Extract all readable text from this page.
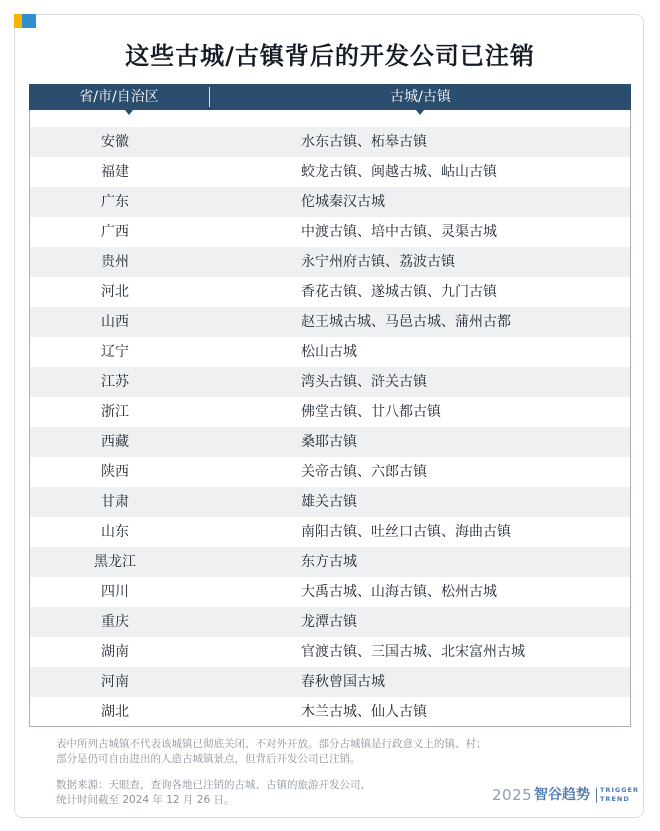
这些古城/古镇背后的开发公司已注销
省/市/自治区	古城/古镇
安徽	水东古镇、柘皋古镇
福建	蛟龙古镇、闽越古城、岵山古镇
广东	佗城秦汉古城
广西	中渡古镇、培中古镇、灵渠古城
贵州	永宁州府古镇、荔波古镇
河北	香花古镇、遂城古镇、九门古镇
山西	赵王城古城、马邑古城、蒲州古都
辽宁	松山古城
江苏	湾头古镇、浒关古镇
浙江	佛堂古镇、廿八都古镇
西藏	桑耶古镇
陕西	关帝古镇、六郎古镇
甘肃	雄关古镇
山东	南阳古镇、吐丝口古镇、海曲古镇
黑龙江	东方古城
四川	大禹古城、山海古镇、松州古城
重庆	龙潭古镇
湖南	官渡古镇、三国古城、北宋富州古城
河南	春秋曾国古城
湖北	木兰古城、仙人古镇
表中所列古城镇不代表该城镇已彻底关闭、不对外开放。部分古城镇是行政意义上的镇、村；
部分是仍可自由进出的人造古城镇景点，但背后开发公司已注销。
数据来源：天眼查，查询各地已注销的古城、古镇的旅游开发公司，
统计时间截至 2024 年 12 月 26 日。	2025 智谷趋势 TRIGGER
TREND
